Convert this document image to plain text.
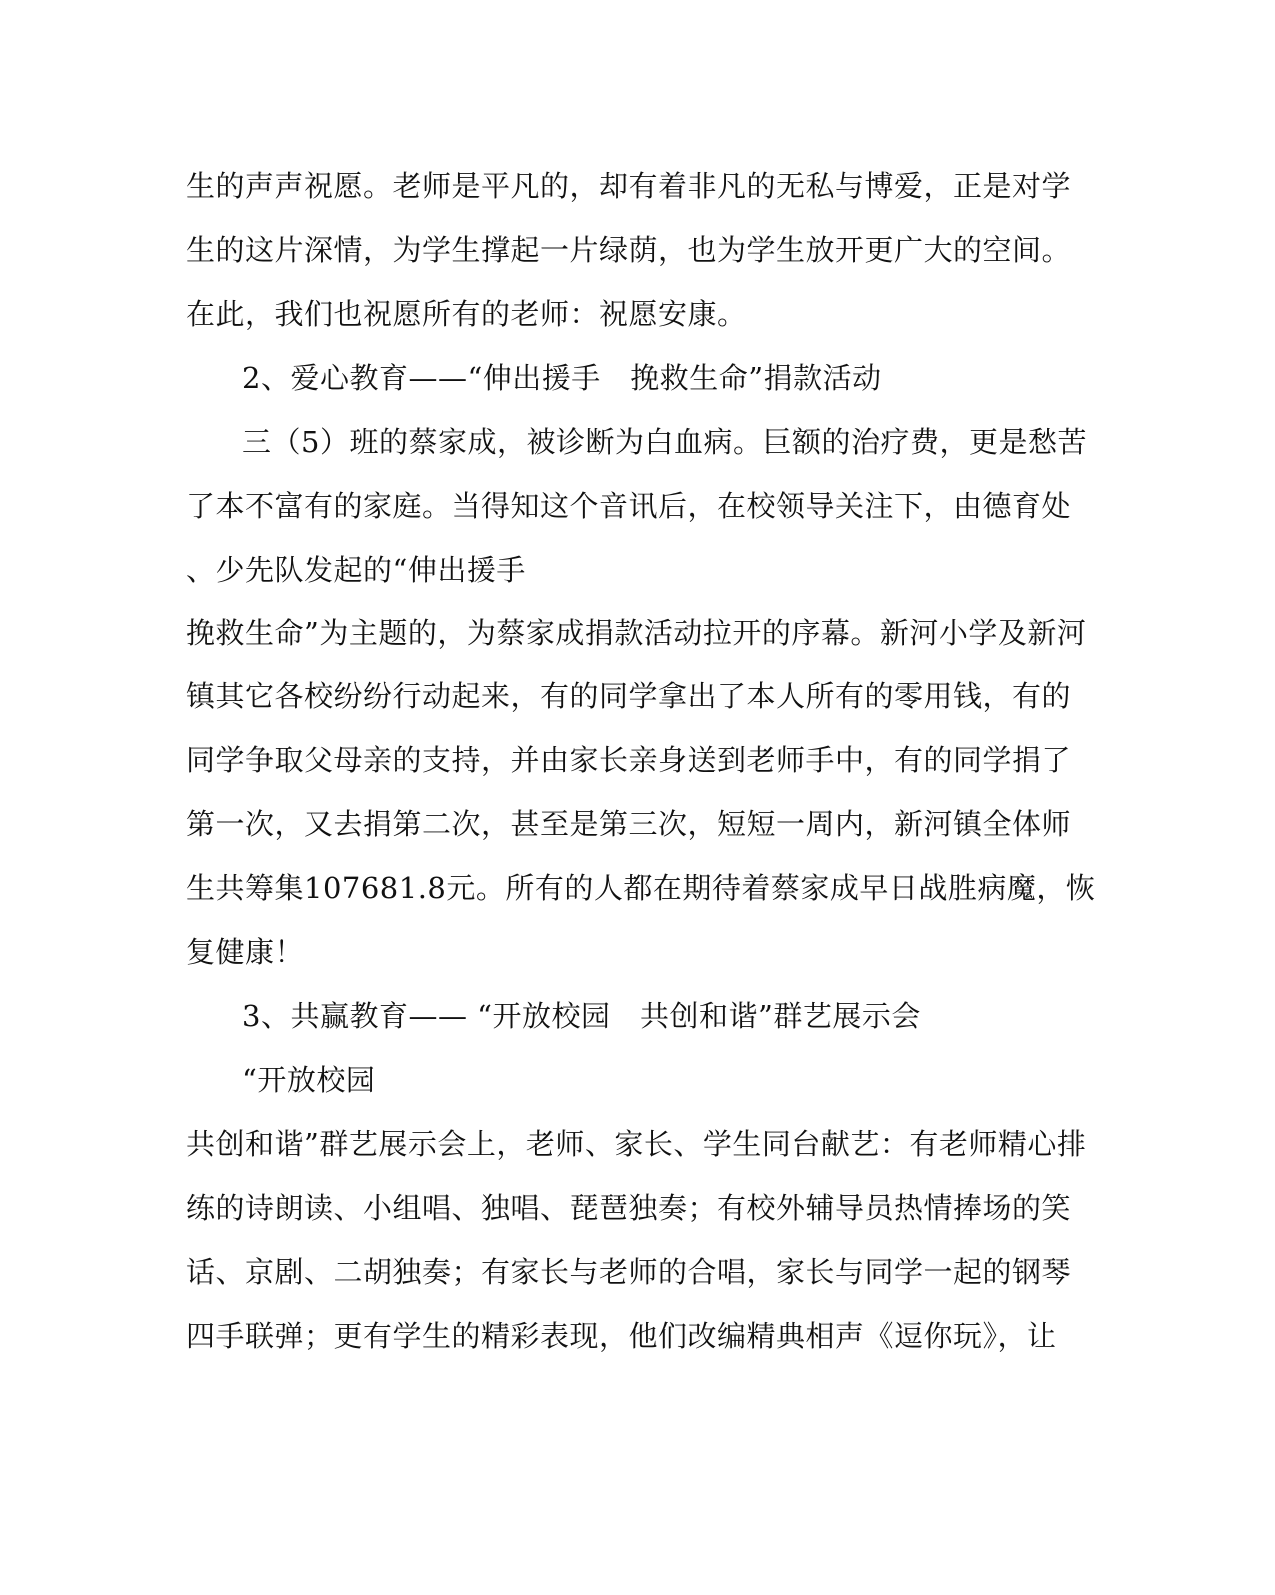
生的声声祝愿。老师是平凡的，却有着非凡的无私与博爱，正是对学
生的这片深情，为学生撑起一片绿荫，也为学生放开更广大的空间。
在此，我们也祝愿所有的老师：祝愿安康。
2、爱心教育——“伸出援手　挽救生命”捐款活动
三（5）班的蔡家成，被诊断为白血病。巨额的治疗费，更是愁苦
了本不富有的家庭。当得知这个音讯后，在校领导关注下，由德育处
、少先队发起的“伸出援手
挽救生命”为主题的，为蔡家成捐款活动拉开的序幕。新河小学及新河
镇其它各校纷纷行动起来，有的同学拿出了本人所有的零用钱，有的
同学争取父母亲的支持，并由家长亲身送到老师手中，有的同学捐了
第一次，又去捐第二次，甚至是第三次，短短一周内，新河镇全体师
生共筹集107681.8元。所有的人都在期待着蔡家成早日战胜病魔，恢
复健康！
3、共赢教育—— “开放校园　共创和谐”群艺展示会
“开放校园
共创和谐”群艺展示会上，老师、家长、学生同台献艺：有老师精心排
练的诗朗读、小组唱、独唱、琵琶独奏；有校外辅导员热情捧场的笑
话、京剧、二胡独奏；有家长与老师的合唱，家长与同学一起的钢琴
四手联弹；更有学生的精彩表现，他们改编精典相声《逗你玩》，让
